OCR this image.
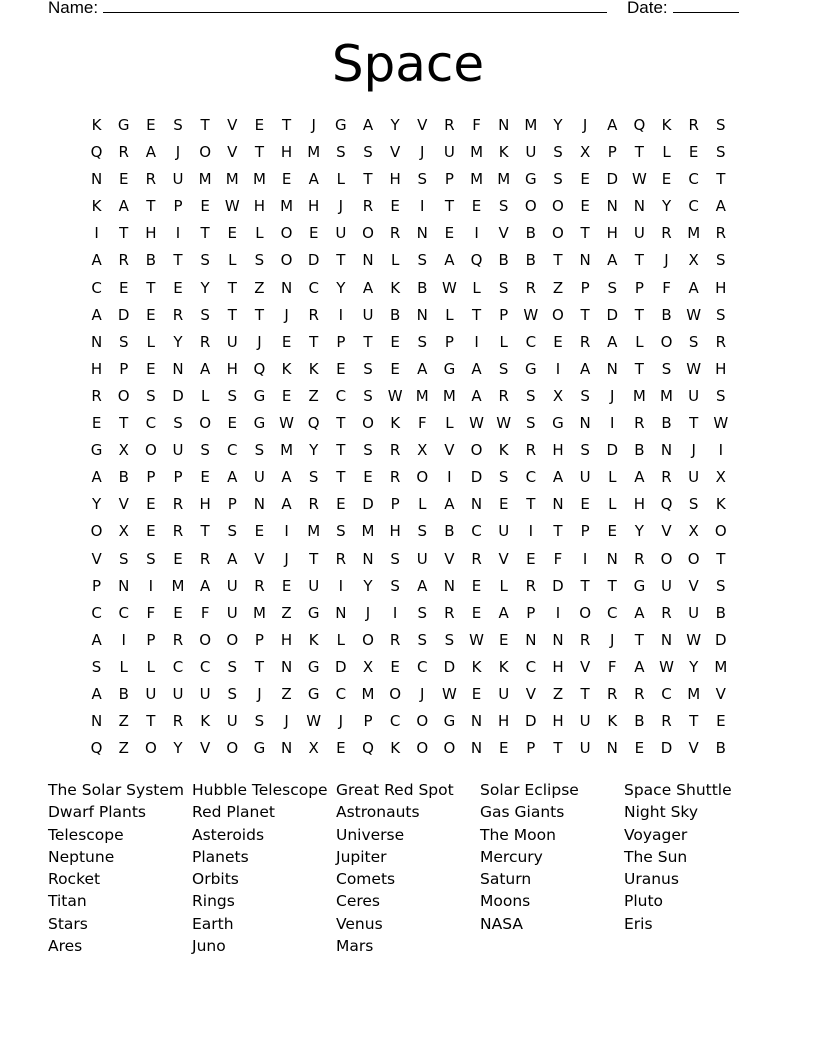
Name:	Date:
Space
K	G	E	S	T	V	E	T	J	G	A	Y	V	R	F	N	M	Y	J	A	Q	K	R	S
Q	R	A	J	O	V	T	H	M	S	S	V	J	U	M	K	U	S	X	P	T	L	E	S
N	E	R	U	M M M	E	A	L	T	H	S	P	M M G	S	E	D W E	C	T
K	A	T	P	E W H	M	H	J	R	E	I	T	E	S	O	O	E	N	N	Y	C	A
I	T	H	I	T	E	L	O	E	U	O	R	N	E	I	V	B	O	T	H	U	R	M	R
A	R	B	T	S	L	S	O	D	T	N	L	S	A	Q	B	B	T	N	A	T	J	X	S
C	E	T	E	Y	T	Z	N	C	Y	A	K	B W	L	S	R	Z	P	S	P	F	A	H
A	D	E	R	S	T	T	J	R	I	U	B	N	L	T	P	W O	T	D	T	B W S
N	S	L	Y	R	U	J	E	T	P	T	E	S	P	I	L	C	E	R	A	L	O	S	R
H	P	E	N	A	H	Q	K	K	E	S	E	A	G	A	S	G	I	A	N	T	S W H
R	O	S	D	L	S	G	E	Z	C	S W M M	A	R	S	X	S	J	M M	U	S
E	T	C	S	O	E	G W Q	T	O	K	F	L	W W S	G	N	I	R	B	T	W
G	X	O	U	S	C	S	M	Y	T	S	R	X	V	O	K	R	H	S	D	B	N	J	I
A	B	P	P	E	A	U	A	S	T	E	R	O	I	D	S	C	A	U	L	A	R	U	X
Y	V	E	R	H	P	N	A	R	E	D	P	L	A	N	E	T	N	E	L	H	Q	S	K
O	X	E	R	T	S	E	I	M	S	M	H	S	B	C	U	I	T	P	E	Y	V	X	O
V	S	S	E	R	A	V	J	T	R	N	S	U	V	R	V	E	F	I	N	R	O	O	T
P	N	I	M	A	U	R	E	U	I	Y	S	A	N	E	L	R	D	T	T	G	U	V	S
C	C	F	E	F	U	M	Z	G	N	J	I	S	R	E	A	P	I	O	C	A	R	U	B
A	I	P	R	O	O	P	H	K	L	O	R	S	S W E	N	N	R	J	T	N W D
S	L	L	C	C	S	T	N	G	D	X	E	C	D	K	K	C	H	V	F	A W	Y	M
A	B	U	U	U	S	J	Z	G	C	M O	J	W E	U	V	Z	T	R	R	C	M	V
N	Z	T	R	K	U	S	J	W	J	P	C	O	G	N	H	D	H	U	K	B	R	T	E
Q	Z	O	Y	V	O	G	N	X	E	Q	K	O	O	N	E	P	T	U	N	E	D	V	B
The Solar System
Dwarf Plants
Telescope
Neptune
Rocket
Titan
Stars
Ares
Hubble Telescope
Red Planet
Asteroids
Planets
Orbits
Rings
Earth
Juno
Great Red Spot
Astronauts
Universe
Jupiter
Comets
Ceres
Venus
Mars
Solar Eclipse
Gas Giants
The Moon
Mercury
Saturn
Moons
NASA
Space Shuttle
Night Sky
Voyager
The Sun
Uranus
Pluto
Eris
